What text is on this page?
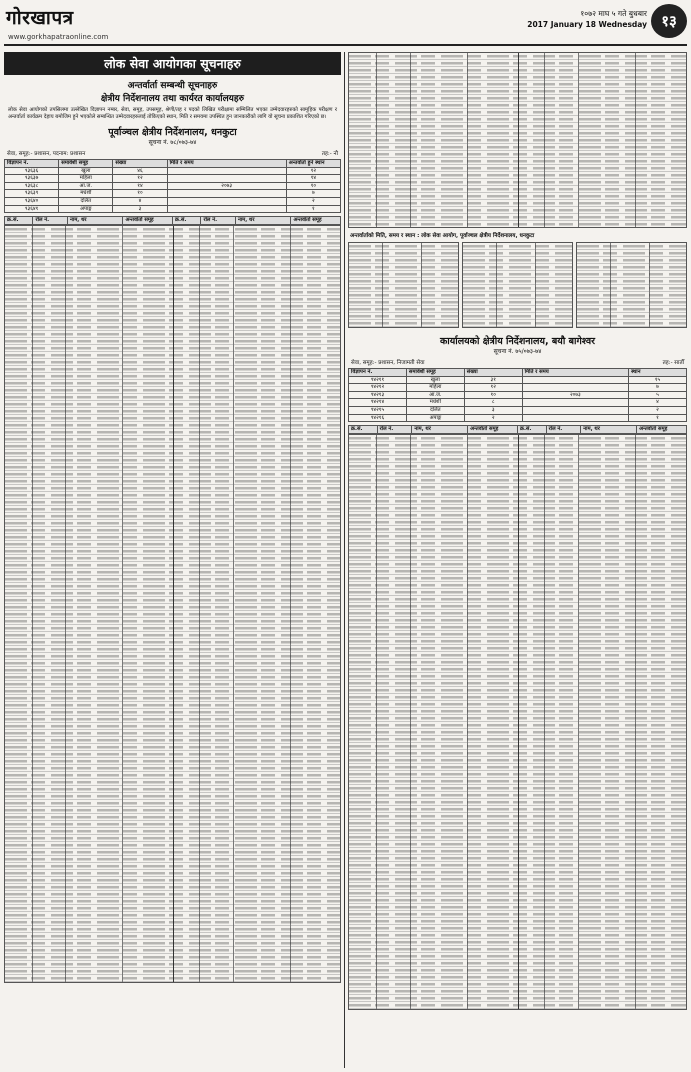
गोरखापत्र
www.gorkhapatraonline.com
१०७२ माघ ५ गते बुधबार
2017 January 18 Wednesday १३
लोक सेवा आयोगका सूचनाहरु
अन्तर्वार्ता सम्बन्धी सूचनाहरु
क्षेत्रीय निर्देशनालय तथा कार्यरत कार्यालयहरु
लोक सेवा आयोगको तपसिलमा उल्लेखित विज्ञापन नम्बर, सेवा, समूह, उपसमूह, श्रेणी/तह र पदको लिखित परीक्षामा सम्मिलित भएका उम्मेदवारहरुको सामूहिक परीक्षण र अन्तर्वार्ता कार्यक्रम देहाय बमोजिम हुने भएकोले सम्बन्धित उम्मेदवारहरुलाई तोकिएको स्थान, मिति र समयमा उपस्थित हुन जानकारीको लागि यो सूचना प्रकाशित गरिएको छ।
पूर्वाञ्चल क्षेत्रीय निर्देशनालय, धनकुटा
सूचना नं. ७८/०७३-७४
सेवा, समूह:- प्रशासन, पदनाम: प्रशासन	तह:- नौ
विज्ञापन नं.	समावेशी समूह	संख्या	मिति र समय	अन्तर्वार्ता हुने स्थान
९३६३६	खुला	४६		१२
९३६३७	महिला	१२		१४
९३६३८	आ.ज.	१४	२०७३	१०
९३६३९	मधेशी	१०		७
९३६४०	दलित	४		२
९३६४१	अपाङ्ग	३		१
क्र.सं.	रोल नं.	नाम, थर	अन्तर्वार्ता समूह	क्र.सं.	रोल नं.	नाम, थर	अन्तर्वार्ता समूह
अन्तर्वार्ताको मिति, समय र स्थान : लोक सेवा आयोग, पूर्वाञ्चल क्षेत्रीय निर्देशनालय, धनकुटा
कार्यालयको क्षेत्रीय निर्देशनालय, बयौ बागेश्वर
सूचना नं. ७५/०७३-७४
सेवा, समूह:- प्रशासन, निजामती सेवा	तह:- सातौँ
विज्ञापन नं.	समावेशी समूह	संख्या	मिति र समय	स्थान
९४२११	खुला	३१		१५
९४२१२	महिला	१२		७
९४२१३	आ.ज.	१०	२०७३	५
९४२१४	मधेशी	८		४
९४२१५	दलित	३		२
९४२१६	अपाङ्ग	२		१
क्र.सं.	रोल नं.	नाम, थर	अन्तर्वार्ता समूह	क्र.सं.	रोल नं.	नाम, थर	अन्तर्वार्ता समूह
